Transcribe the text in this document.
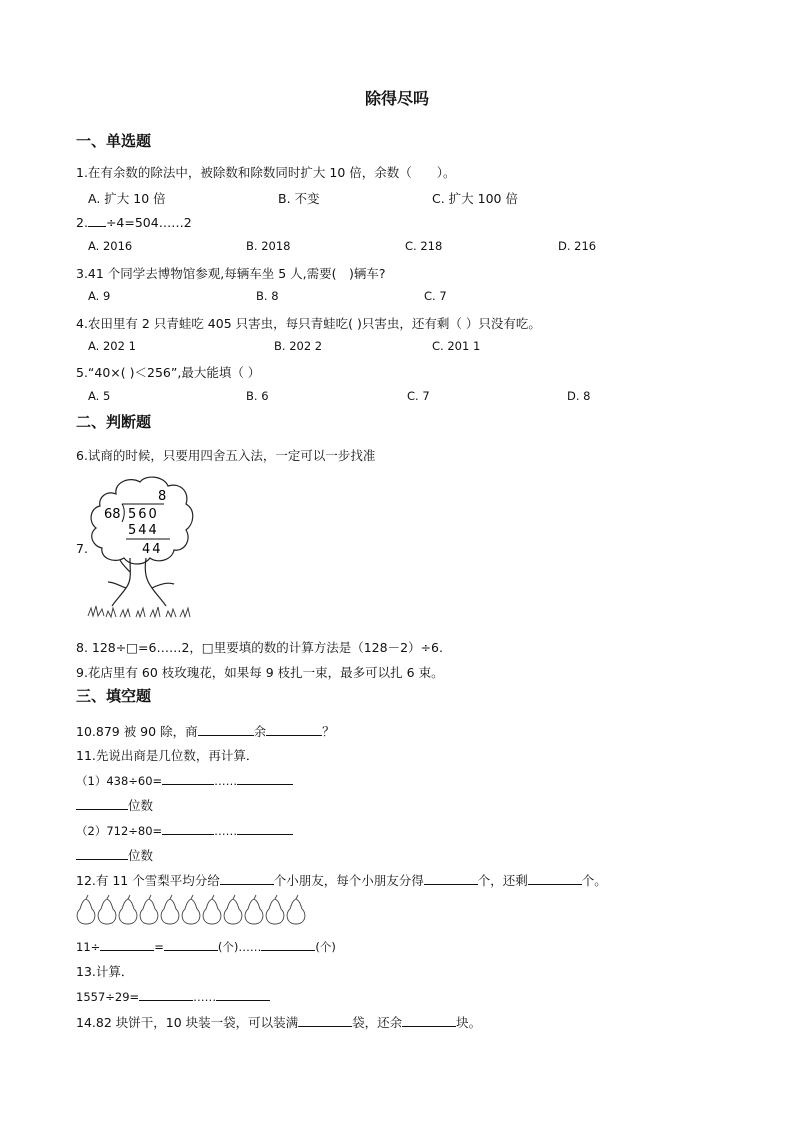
除得尽吗
一、单选题
1.在有余数的除法中，被除数和除数同时扩大 10 倍，余数（　　）。
A. 扩大 10 倍	B. 不变	C. 扩大 100 倍
2. ÷4=504……2
A. 2016	B. 2018	C. 218	D. 216
3.41 个同学去博物馆参观,每辆车坐 5 人,需要(　)辆车?
A. 9	B. 8	C. 7
4.农田里有 2 只青蛙吃 405 只害虫，每只青蛙吃( )只害虫，还有剩（ ）只没有吃。
A. 202 1	B. 202 2	C. 201 1
5.“40×( )＜256”,最大能填（ ）
A. 5	B. 6	C. 7	D. 8
二、判断题
6.试商的时候，只要用四舍五入法，一定可以一步找准
7.
8
68 560
544
44
8. 128÷□=6……2，□里要填的数的计算方法是（128－2）÷6.
9.花店里有 60 枝玫瑰花，如果每 9 枝扎一束，最多可以扎 6 束。
三、填空题
10.879 被 90 除，商	余	？
11.先说出商是几位数，再计算．
（1）438÷60=	……
位数
（2）712÷80=	……
位数
12.有 11 个雪梨平均分给	个小朋友，每个小朋友分得	个，还剩	个。
11÷	=	(个)……	(个)
13.计算．
1557÷29=	……
14.82 块饼干，10 块装一袋，可以装满	袋，还余	块。
